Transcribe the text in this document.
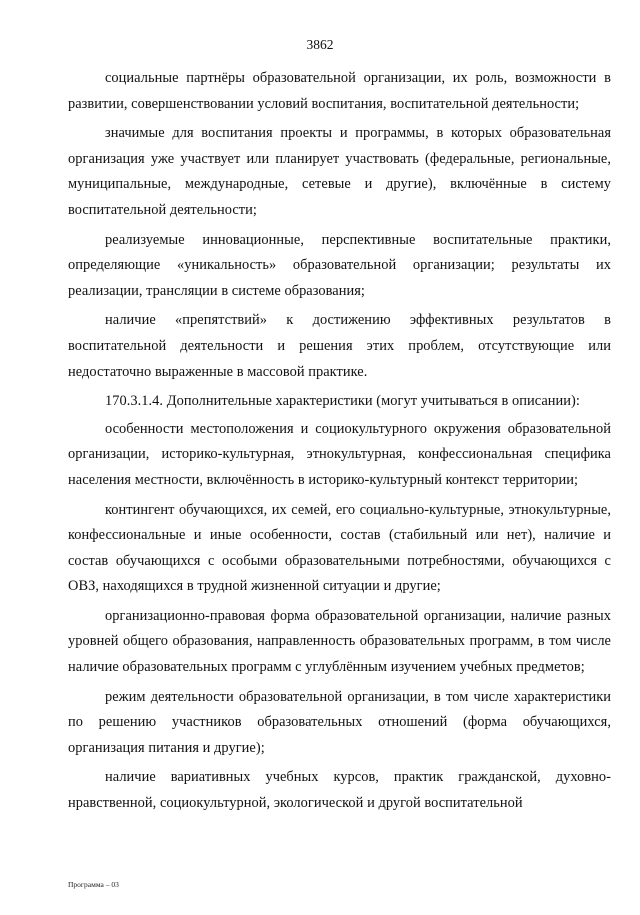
3862

социальные партнёры образовательной организации, их роль, возможности в развитии, совершенствовании условий воспитания, воспитательной деятельности;

значимые для воспитания проекты и программы, в которых образовательная организация уже участвует или планирует участвовать (федеральные, региональные, муниципальные, международные, сетевые и другие), включённые в систему воспитательной деятельности;

реализуемые инновационные, перспективные воспитательные практики, определяющие «уникальность» образовательной организации; результаты их реализации, трансляции в системе образования;

наличие «препятствий» к достижению эффективных результатов в воспитательной деятельности и решения этих проблем, отсутствующие или недостаточно выраженные в массовой практике.

170.3.1.4. Дополнительные характеристики (могут учитываться в описании):

особенности местоположения и социокультурного окружения образовательной организации, историко-культурная, этнокультурная, конфессиональная специфика населения местности, включённость в историко-культурный контекст территории;

контингент обучающихся, их семей, его социально-культурные, этнокультурные, конфессиональные и иные особенности, состав (стабильный или нет), наличие и состав обучающихся с особыми образовательными потребностями, обучающихся с ОВЗ, находящихся в трудной жизненной ситуации и другие;

организационно-правовая форма образовательной организации, наличие разных уровней общего образования, направленность образовательных программ, в том числе наличие образовательных программ с углублённым изучением учебных предметов;

режим деятельности образовательной организации, в том числе характеристики по решению участников образовательных отношений (форма обучающихся, организация питания и другие);

наличие вариативных учебных курсов, практик гражданской, духовно-нравственной, социокультурной, экологической и другой воспитательной

Программа – 03
